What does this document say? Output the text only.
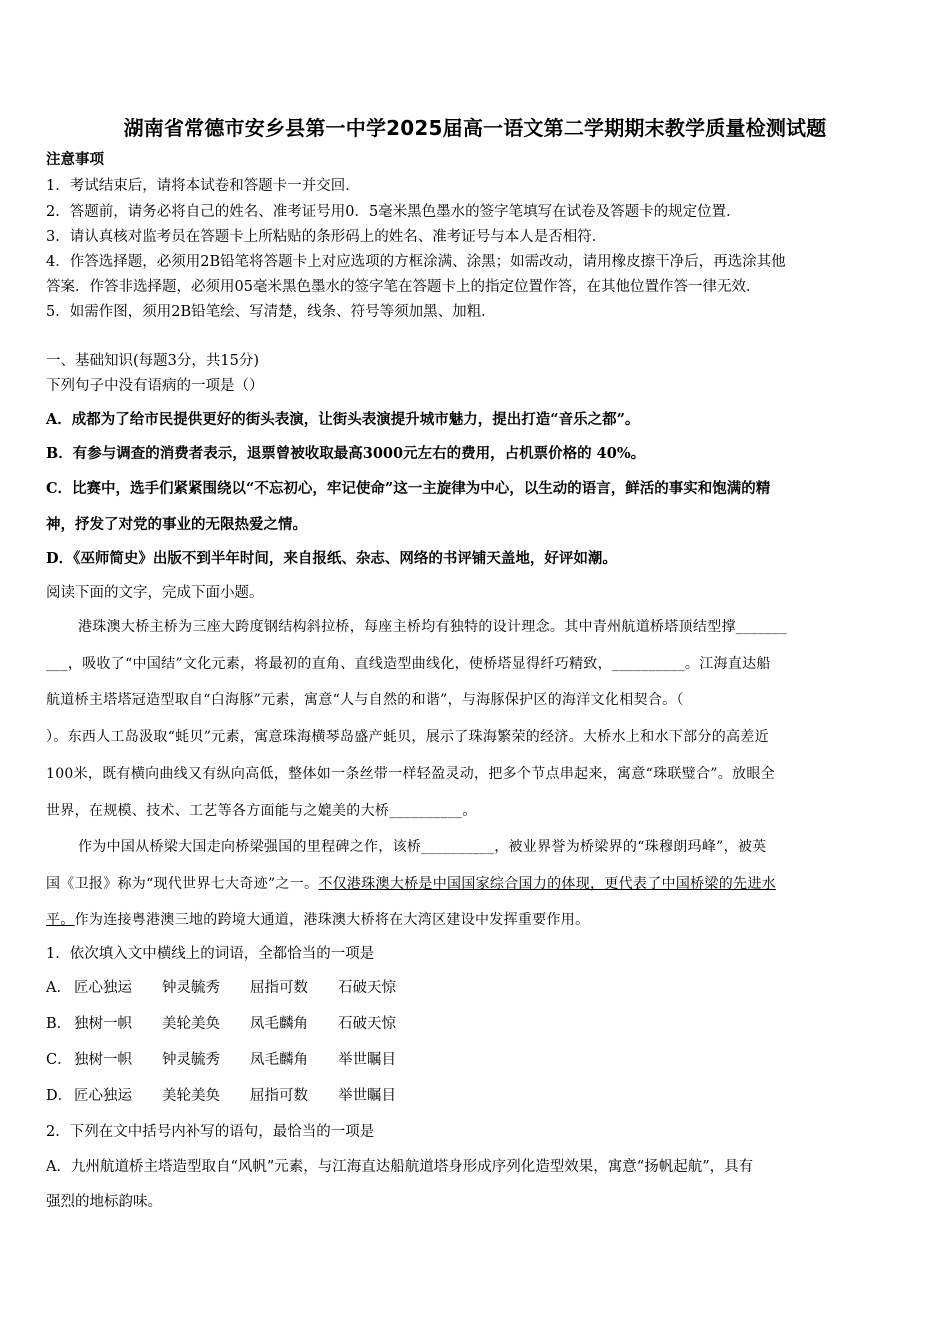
湖南省常德市安乡县第一中学2025届高一语文第二学期期末教学质量检测试题
注意事项
1．考试结束后，请将本试卷和答题卡一并交回．
2．答题前，请务必将自己的姓名、准考证号用0．5毫米黑色墨水的签字笔填写在试卷及答题卡的规定位置．
3．请认真核对监考员在答题卡上所粘贴的条形码上的姓名、准考证号与本人是否相符．
4．作答选择题，必须用2B铅笔将答题卡上对应选项的方框涂满、涂黑；如需改动，请用橡皮擦干净后，再选涂其他
答案．作答非选择题，必须用05毫米黑色墨水的签字笔在答题卡上的指定位置作答，在其他位置作答一律无效．
5．如需作图，须用2B铅笔绘、写清楚，线条、符号等须加黑、加粗．
一、基础知识(每题3分，共15分)
下列句子中没有语病的一项是（）
A．成都为了给市民提供更好的街头表演，让街头表演提升城市魅力，提出打造“音乐之都”。
B．有参与调查的消费者表示，退票曾被收取最高3000元左右的费用，占机票价格的 40%。
C．比赛中，选手们紧紧围绕以“不忘初心，牢记使命”这一主旋律为中心，以生动的语言，鲜活的事实和饱满的精
神，抒发了对党的事业的无限热爱之情。
D．《巫师简史》出版不到半年时间，来自报纸、杂志、网络的书评铺天盖地，好评如潮。
阅读下面的文字，完成下面小题。
港珠澳大桥主桥为三座大跨度钢结构斜拉桥，每座主桥均有独特的设计理念。其中青州航道桥塔顶结型撑_______
___，吸收了“中国结”文化元素，将最初的直角、直线造型曲线化，使桥塔显得纤巧精致，__________。江海直达船
航道桥主塔塔冠造型取自“白海豚”元素，寓意“人与自然的和谐”，与海豚保护区的海洋文化相契合。（
）。东西人工岛汲取“蚝贝”元素，寓意珠海横琴岛盛产蚝贝，展示了珠海繁荣的经济。大桥水上和水下部分的高差近
100米，既有横向曲线又有纵向高低，整体如一条丝带一样轻盈灵动，把多个节点串起来，寓意“珠联璧合”。放眼全
世界，在规模、技术、工艺等各方面能与之媲美的大桥__________。
作为中国从桥梁大国走向桥梁强国的里程碑之作，该桥__________，被业界誉为桥梁界的“珠穆朗玛峰”，被英
国《卫报》称为“现代世界七大奇迹”之一。不仅港珠澳大桥是中国国家综合国力的体现，更代表了中国桥梁的先进水
平。作为连接粤港澳三地的跨境大通道，港珠澳大桥将在大湾区建设中发挥重要作用。
1．依次填入文中横线上的词语，全都恰当的一项是
A． 匠心独运 钟灵毓秀 屈指可数 石破天惊
B． 独树一帜 美轮美奂 凤毛麟角 石破天惊
C． 独树一帜 钟灵毓秀 凤毛麟角 举世瞩目
D． 匠心独运 美轮美奂 屈指可数 举世瞩目
2．下列在文中括号内补写的语句，最恰当的一项是
A．九州航道桥主塔造型取自“风帆”元素，与江海直达船航道塔身形成序列化造型效果，寓意“扬帆起航”，具有
强烈的地标韵味。
